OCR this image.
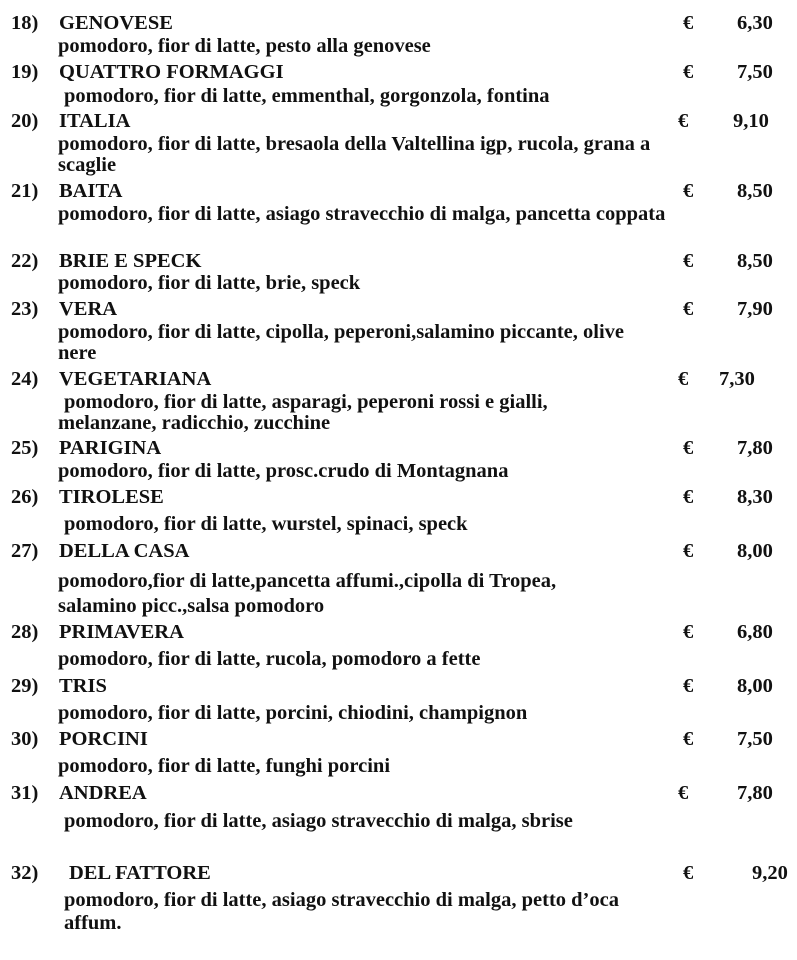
18) GENOVESE	€ 6,30
pomodoro, fior di latte, pesto alla genovese
19) QUATTRO FORMAGGI	€ 7,50
pomodoro, fior di latte, emmenthal, gorgonzola, fontina
20) ITALIA	€ 9,10
pomodoro, fior di latte, bresaola della Valtellina igp, rucola, grana a scaglie
21) BAITA	€ 8,50
pomodoro, fior di latte, asiago stravecchio di malga, pancetta coppata
22) BRIE E SPECK	€ 8,50
pomodoro, fior di latte, brie, speck
23) VERA	€ 7,90
pomodoro, fior di latte, cipolla, peperoni,salamino piccante, olive nere
24) VEGETARIANA	€ 7,30
pomodoro, fior di latte, asparagi, peperoni rossi e gialli, melanzane, radicchio, zucchine
25) PARIGINA	€ 7,80
pomodoro, fior di latte, prosc.crudo di Montagnana
26) TIROLESE	€ 8,30
pomodoro, fior di latte, wurstel, spinaci, speck
27) DELLA CASA	€ 8,00
pomodoro,fior di latte,pancetta affumi.,cipolla di Tropea, salamino picc.,salsa pomodoro
28) PRIMAVERA	€ 6,80
pomodoro, fior di latte, rucola, pomodoro a fette
29) TRIS	€ 8,00
pomodoro, fior di latte, porcini, chiodini, champignon
30) PORCINI	€ 7,50
pomodoro, fior di latte, funghi porcini
31) ANDREA	€ 7,80
pomodoro, fior di latte, asiago stravecchio di malga, sbrise
32) DEL FATTORE	€	9,20
pomodoro, fior di latte, asiago stravecchio di malga, petto d’oca affum.
